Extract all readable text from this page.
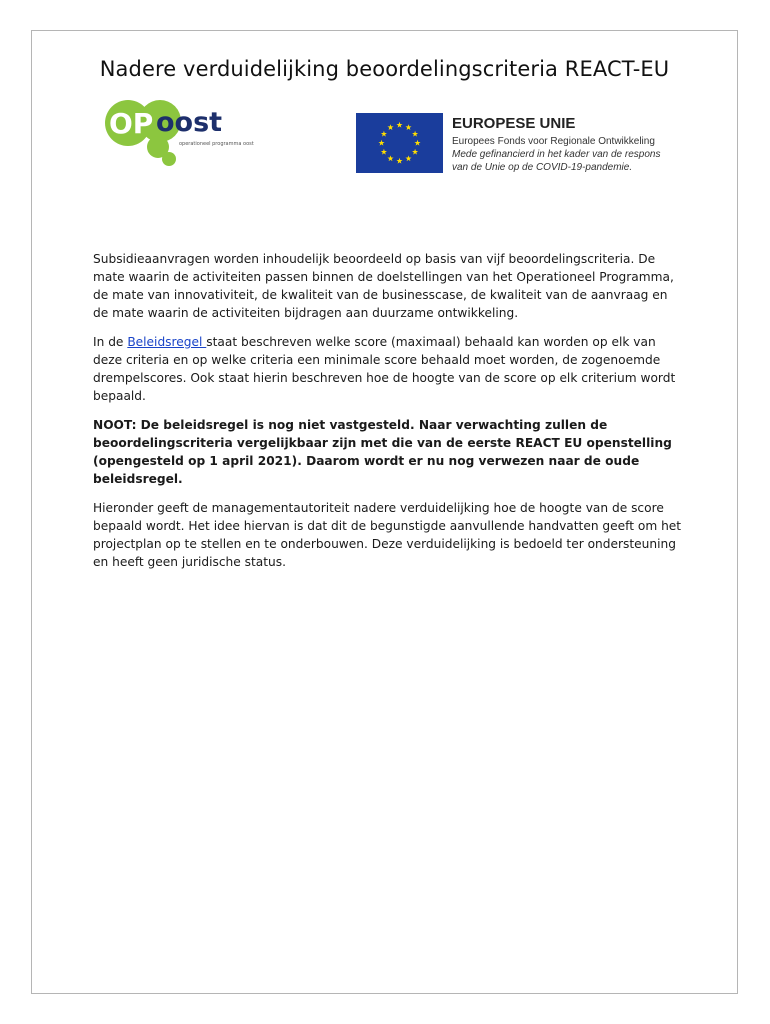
Nadere verduidelijking beoordelingscriteria REACT-EU
OP oost
operationeel programma oost
EUROPESE UNIE
Europees Fonds voor Regionale Ontwikkeling
Mede gefinancierd in het kader van de respons
van de Unie op de COVID-19-pandemie.

Subsidieaanvragen worden inhoudelijk beoordeeld op basis van vijf beoordelingscriteria. De mate waarin de activiteiten passen binnen de doelstellingen van het Operationeel Programma, de mate van innovativiteit, de kwaliteit van de businesscase, de kwaliteit van de aanvraag en de mate waarin de activiteiten bijdragen aan duurzame ontwikkeling.

In de Beleidsregel staat beschreven welke score (maximaal) behaald kan worden op elk van deze criteria en op welke criteria een minimale score behaald moet worden, de zogenoemde drempelscores. Ook staat hierin beschreven hoe de hoogte van de score op elk criterium wordt bepaald.

NOOT: De beleidsregel is nog niet vastgesteld. Naar verwachting zullen de beoordelingscriteria vergelijkbaar zijn met die van de eerste REACT EU openstelling (opengesteld op 1 april 2021). Daarom wordt er nu nog verwezen naar de oude beleidsregel.

Hieronder geeft de managementautoriteit nadere verduidelijking hoe de hoogte van de score bepaald wordt. Het idee hiervan is dat dit de begunstigde aanvullende handvatten geeft om het projectplan op te stellen en te onderbouwen. Deze verduidelijking is bedoeld ter ondersteuning en heeft geen juridische status.
